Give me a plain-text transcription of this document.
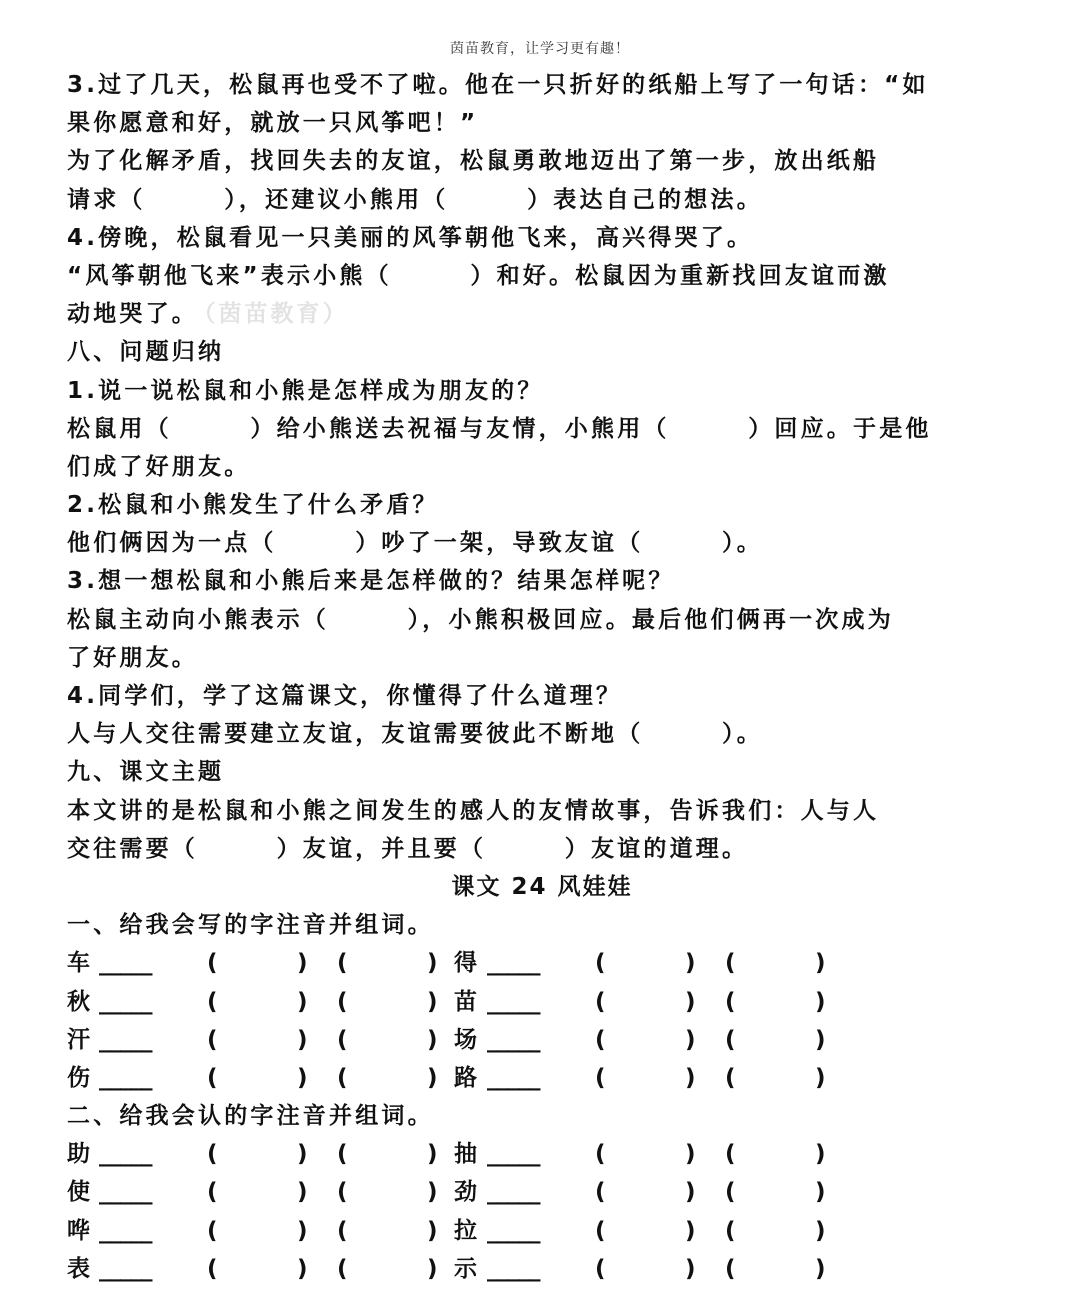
茵苗教育，让学习更有趣！
3.过了几天，松鼠再也受不了啦。他在一只折好的纸船上写了一句话：“如
果你愿意和好，就放一只风筝吧！”
为了化解矛盾，找回失去的友谊，松鼠勇敢地迈出了第一步，放出纸船
请求（　　　），还建议小熊用（　　　）表达自己的想法。
4.傍晚，松鼠看见一只美丽的风筝朝他飞来，高兴得哭了。
“风筝朝他飞来”表示小熊（　　　）和好。松鼠因为重新找回友谊而激
动地哭了。 （茵苗教育）
八、问题归纳
1.说一说松鼠和小熊是怎样成为朋友的？
松鼠用（　　　）给小熊送去祝福与友情，小熊用（　　　）回应。于是他
们成了好朋友。
2.松鼠和小熊发生了什么矛盾？
他们俩因为一点（　　　）吵了一架，导致友谊（　　　）。
3.想一想松鼠和小熊后来是怎样做的？结果怎样呢？
松鼠主动向小熊表示（　　　），小熊积极回应。最后他们俩再一次成为
了好朋友。
4.同学们，学了这篇课文，你懂得了什么道理？
人与人交往需要建立友谊，友谊需要彼此不断地（　　　）。
九、课文主题
本文讲的是松鼠和小熊之间发生的感人的友情故事，告诉我们：人与人
交往需要（　　　）友谊，并且要（　　　）友谊的道理。
课文 24 风娃娃
一、给我会写的字注音并组词。
车 _____ (	) (	) 得 _____ (	) (	)
秋 _____ (	) (	) 苗 _____ (	) (	)
汗 _____ (	) (	) 场 _____ (	) (	)
伤 _____ (	) (	) 路 _____ (	) (	)
二、给我会认的字注音并组词。
助 _____ (	) (	) 抽 _____ (	) (	)
使 _____ (	) (	) 劲 _____ (	) (	)
哗 _____ (	) (	) 拉 _____ (	) (	)
表 _____ (	) (	) 示 _____ (	) (	)
